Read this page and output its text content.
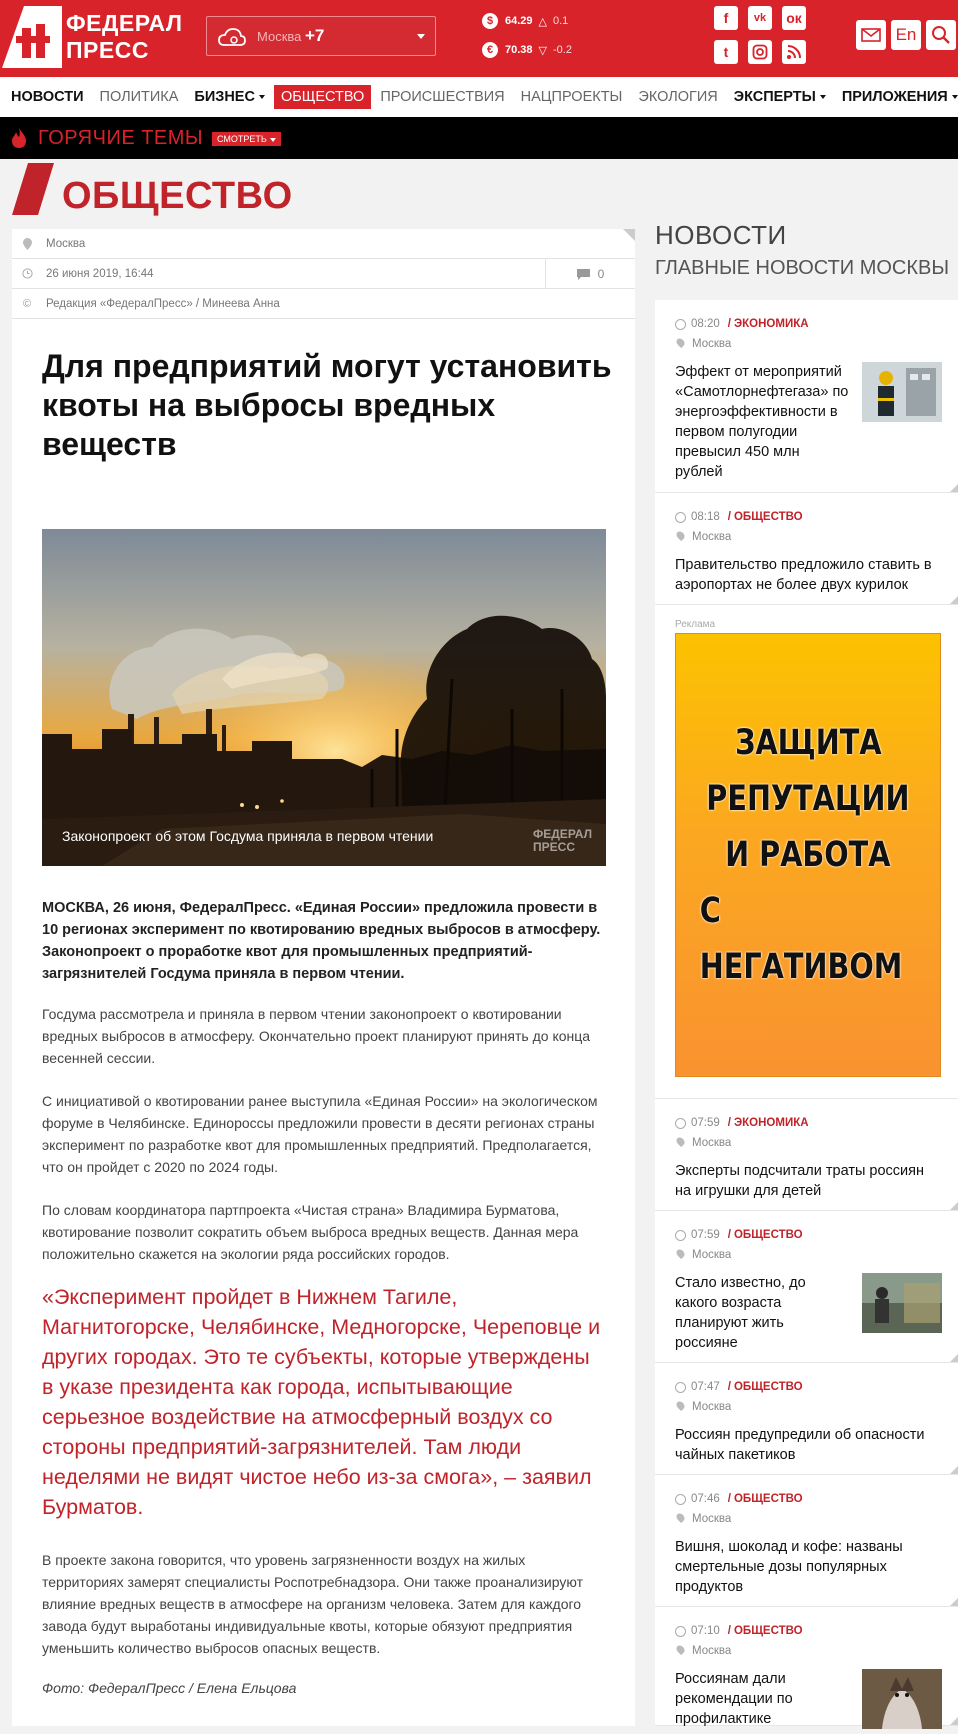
ФЕДЕРАЛ
ПРЕСС
Москва +7
$	64.29 △ 0.1
€	70.38 ▽ -0.2
f	vk	ок
t
En
НОВОСТИ	ПОЛИТИКА	БИЗНЕС	ОБЩЕСТВО	ПРОИСШЕСТВИЯ	НАЦПРОЕКТЫ	ЭКОЛОГИЯ	ЭКСПЕРТЫ	ПРИЛОЖЕНИЯ
ГОРЯЧИЕ ТЕМЫ	СМОТРЕТЬ
ОБЩЕСТВО
Москва
26 июня 2019, 16:44	0
© Редакция «ФедералПресс» / Минеева Анна
Для предприятий могут установить квоты на выбросы вредных веществ
Законопроект об этом Госдума приняла в первом чтении	ФЕДЕРАЛ
ПРЕСС

МОСКВА, 26 июня, ФедералПресс. «Единая России» предложила провести в 10 регионах эксперимент по квотированию вредных выбросов в атмосферу. Законопроект о проработке квот для промышленных предприятий-загрязнителей Госдума приняла в первом чтении.

Госдума рассмотрела и приняла в первом чтении законопроект о квотировании вредных выбросов в атмосферу. Окончательно проект планируют принять до конца весенней сессии.

С инициативой о квотировании ранее выступила «Единая России» на экологическом форуме в Челябинске. Единороссы предложили провести в десяти регионах страны эксперимент по разработке квот для промышленных предприятий. Предполагается, что он пройдет с 2020 по 2024 годы.

По словам координатора партпроекта «Чистая страна» Владимира Бурматова, квотирование позволит сократить объем выброса вредных веществ. Данная мера положительно скажется на экологии ряда российских городов.

«Эксперимент пройдет в Нижнем Тагиле, Магнитогорске, Челябинске, Медногорске, Череповце и других городах. Это те субъекты, которые утверждены в указе президента как города, испытывающие серьезное воздействие на атмосферный воздух со стороны предприятий-загрязнителей. Там люди неделями не видят чистое небо из-за смога», – заявил Бурматов.

В проекте закона говорится, что уровень загрязненности воздух на жилых территориях замерят специалисты Роспотребнадзора. Они также проанализируют влияние вредных веществ в атмосфере на организм человека. Затем для каждого завода будут выработаны индивидуальные квоты, которые обязуют предприятия уменьшить количество выбросов опасных веществ.

Фото: ФедералПресс / Елена Ельцова

НОВОСТИ
ГЛАВНЫЕ НОВОСТИ МОСКВЫ
08:20	/ ЭКОНОМИКА
Москва
Эффект от мероприятий «Самотлорнефтегаза» по энергоэффективности в первом полугодии превысил 450 млн рублей
08:18	/ ОБЩЕСТВО
Москва
Правительство предложило ставить в аэропортах не более двух курилок
07:59	/ ЭКОНОМИКА
Москва
Эксперты подсчитали траты россиян на игрушки для детей
07:59	/ ОБЩЕСТВО
Москва
Стало известно, до какого возраста планируют жить россияне
07:47	/ ОБЩЕСТВО
Москва
Россиян предупредили об опасности чайных пакетиков
07:46	/ ОБЩЕСТВО
Москва
Вишня, шоколад и кофе: названы смертельные дозы популярных продуктов
07:10	/ ОБЩЕСТВО
Москва
Россиянам дали рекомендации по профилактике
Реклама
ЗАЩИТА
РЕПУТАЦИИ
И РАБОТА
С НЕГАТИВОМ
